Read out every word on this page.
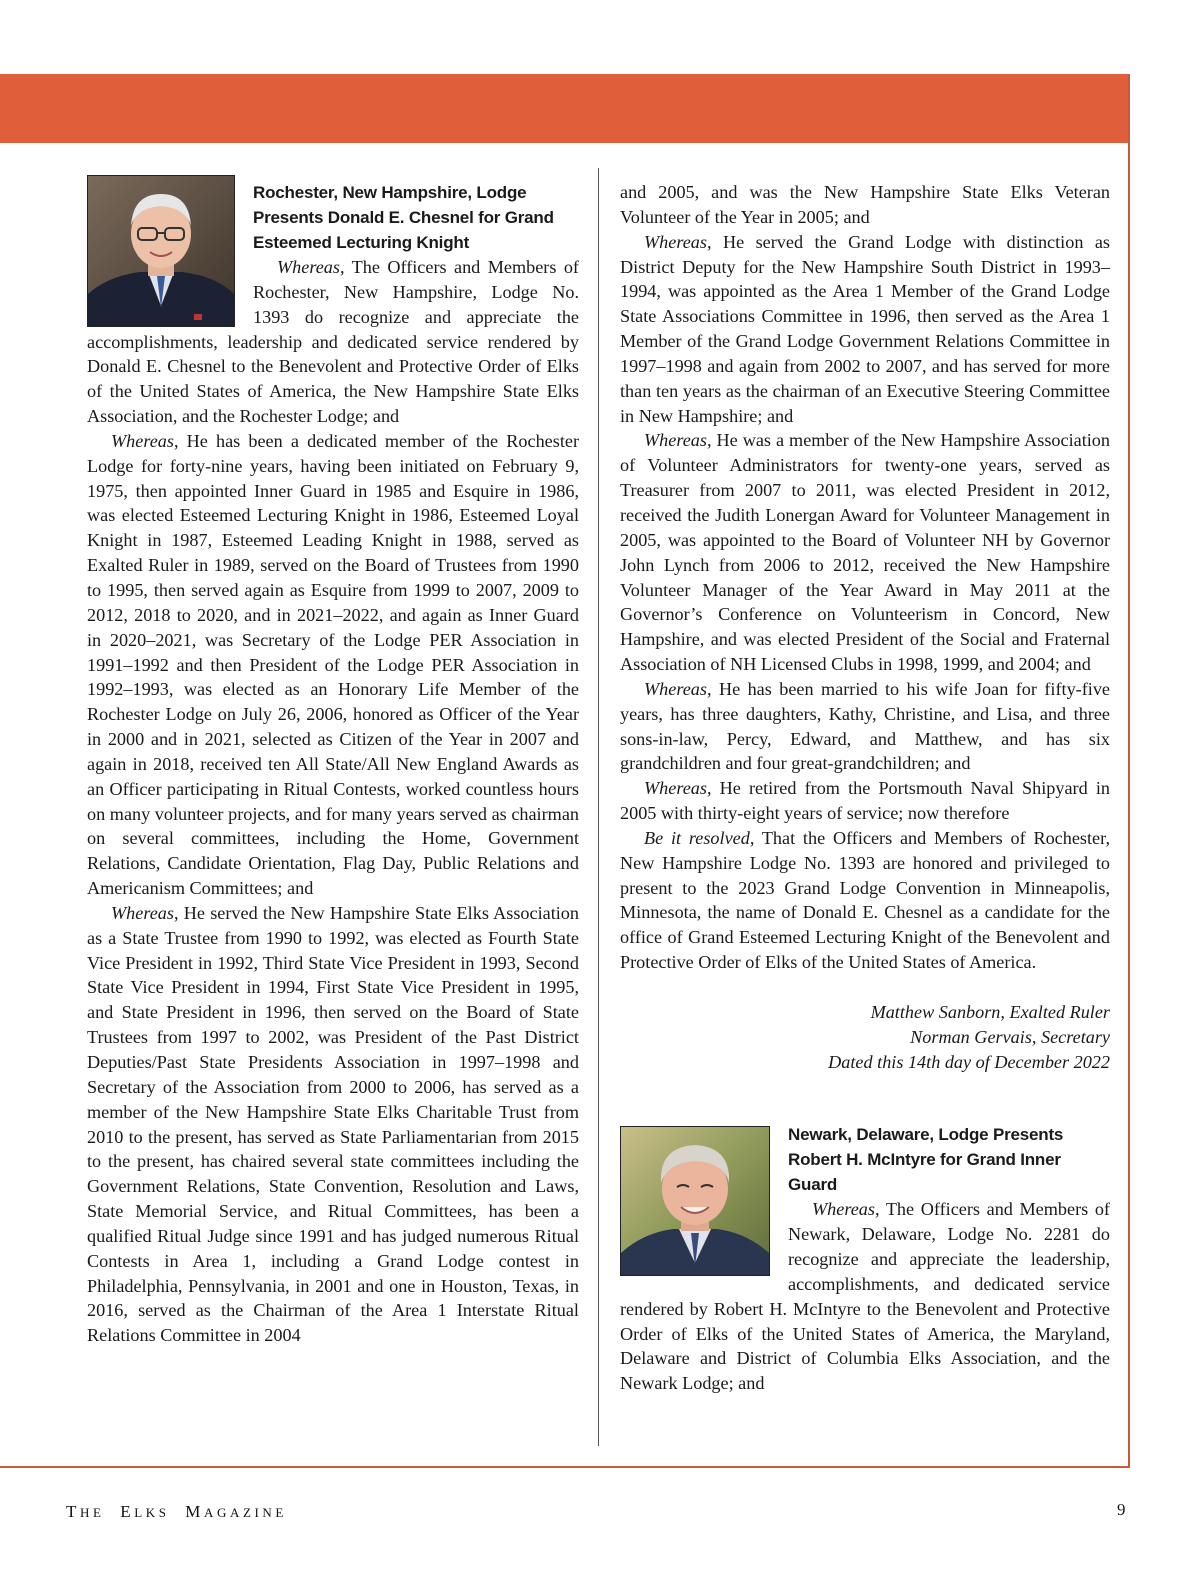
Rochester, New Hampshire, Lodge Presents Donald E. Chesnel for Grand Esteemed Lecturing Knight

Whereas, The Officers and Members of Rochester, New Hampshire, Lodge No. 1393 do recognize and appreciate the accomplishments, leadership and dedicated service rendered by Donald E. Chesnel to the Benevolent and Protective Order of Elks of the United States of America, the New Hampshire State Elks Association, and the Rochester Lodge; and

Whereas, He has been a dedicated member of the Rochester Lodge for forty-nine years, having been initiated on February 9, 1975, then appointed Inner Guard in 1985 and Esquire in 1986, was elected Esteemed Lecturing Knight in 1986, Esteemed Loyal Knight in 1987, Esteemed Leading Knight in 1988, served as Exalted Ruler in 1989, served on the Board of Trustees from 1990 to 1995, then served again as Esquire from 1999 to 2007, 2009 to 2012, 2018 to 2020, and in 2021–2022, and again as Inner Guard in 2020–2021, was Secretary of the Lodge PER Association in 1991–1992 and then President of the Lodge PER Association in 1992–1993, was elected as an Honorary Life Member of the Rochester Lodge on July 26, 2006, honored as Officer of the Year in 2000 and in 2021, selected as Citizen of the Year in 2007 and again in 2018, received ten All State/All New England Awards as an Officer participating in Ritual Contests, worked countless hours on many volunteer projects, and for many years served as chairman on several committees, including the Home, Government Relations, Candidate Orientation, Flag Day, Public Relations and Americanism Committees; and

Whereas, He served the New Hampshire State Elks Association as a State Trustee from 1990 to 1992, was elected as Fourth State Vice President in 1992, Third State Vice President in 1993, Second State Vice President in 1994, First State Vice President in 1995, and State President in 1996, then served on the Board of State Trustees from 1997 to 2002, was President of the Past District Deputies/Past State Presidents Association in 1997–1998 and Secretary of the Association from 2000 to 2006, has served as a member of the New Hampshire State Elks Charitable Trust from 2010 to the present, has served as State Parliamentarian from 2015 to the present, has chaired several state committees including the Government Relations, State Convention, Resolution and Laws, State Memorial Service, and Ritual Committees, has been a qualified Ritual Judge since 1991 and has judged numerous Ritual Contests in Area 1, including a Grand Lodge contest in Philadelphia, Pennsylvania, in 2001 and one in Houston, Texas, in 2016, served as the Chairman of the Area 1 Interstate Ritual Relations Committee in 2004

and 2005, and was the New Hampshire State Elks Veteran Volunteer of the Year in 2005; and

Whereas, He served the Grand Lodge with distinction as District Deputy for the New Hampshire South District in 1993–1994, was appointed as the Area 1 Member of the Grand Lodge State Associations Committee in 1996, then served as the Area 1 Member of the Grand Lodge Government Relations Committee in 1997–1998 and again from 2002 to 2007, and has served for more than ten years as the chairman of an Executive Steering Committee in New Hampshire; and

Whereas, He was a member of the New Hampshire Association of Volunteer Administrators for twenty-one years, served as Treasurer from 2007 to 2011, was elected President in 2012, received the Judith Lonergan Award for Volunteer Management in 2005, was appointed to the Board of Volunteer NH by Governor John Lynch from 2006 to 2012, received the New Hampshire Volunteer Manager of the Year Award in May 2011 at the Governor’s Conference on Volunteerism in Concord, New Hampshire, and was elected President of the Social and Fraternal Association of NH Licensed Clubs in 1998, 1999, and 2004; and

Whereas, He has been married to his wife Joan for fifty-five years, has three daughters, Kathy, Christine, and Lisa, and three sons-in-law, Percy, Edward, and Matthew, and has six grandchildren and four great-grandchildren; and

Whereas, He retired from the Portsmouth Naval Shipyard in 2005 with thirty-eight years of service; now therefore

Be it resolved, That the Officers and Members of Rochester, New Hampshire Lodge No. 1393 are honored and privileged to present to the 2023 Grand Lodge Convention in Minneapolis, Minnesota, the name of Donald E. Chesnel as a candidate for the office of Grand Esteemed Lecturing Knight of the Benevolent and Protective Order of Elks of the United States of America.

Matthew Sanborn, Exalted Ruler

Norman Gervais, Secretary

Dated this 14th day of December 2022

Newark, Delaware, Lodge Presents Robert H. McIntyre for Grand Inner Guard

Whereas, The Officers and Members of Newark, Delaware, Lodge No. 2281 do recognize and appreciate the leadership, accomplishments, and dedicated service rendered by Robert H. McIntyre to the Benevolent and Protective Order of Elks of the United States of America, the Maryland, Delaware and District of Columbia Elks Association, and the Newark Lodge; and

THE ELKS MAGAZINE	9
